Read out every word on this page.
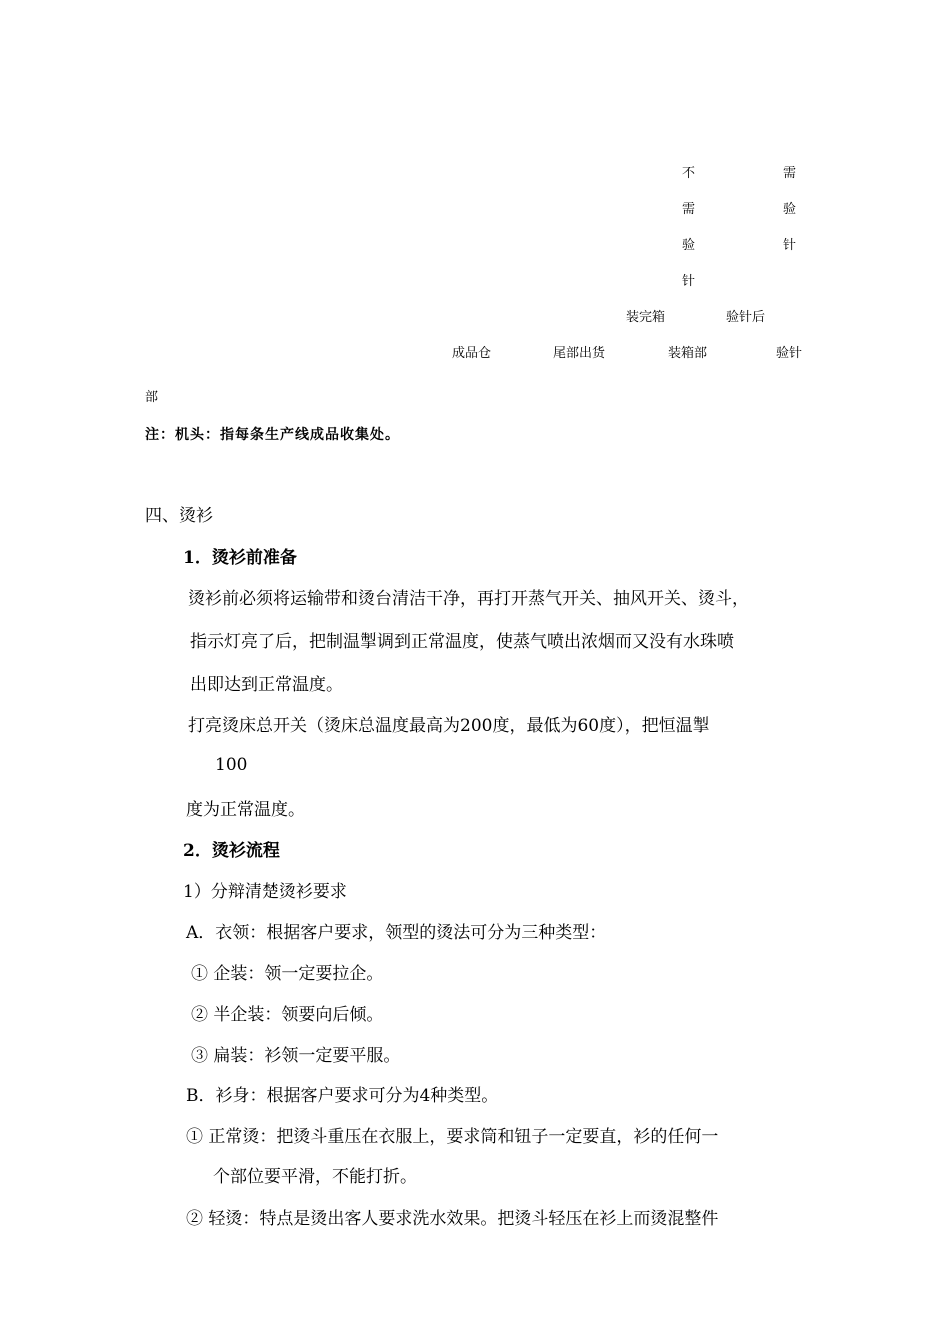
不
需
验
针
需
验
针
装完箱	验针后
成品仓	尾部出货	装箱部	验针
部
注：机头：指每条生产线成品收集处。
四、烫衫
1．烫衫前准备
烫衫前必须将运输带和烫台清洁干净，再打开蒸气开关、抽风开关、烫斗，
指示灯亮了后，把制温掣调到正常温度，使蒸气喷出浓烟而又没有水珠喷
出即达到正常温度。
打亮烫床总开关（烫床总温度最高为200度，最低为60度），把恒温掣
100
度为正常温度。
2．烫衫流程
1）分辩清楚烫衫要求
A．衣领：根据客户要求，领型的烫法可分为三种类型：
① 企装：领一定要拉企。
② 半企装：领要向后倾。
③ 扁装：衫领一定要平服。
B．衫身：根据客户要求可分为4种类型。
① 正常烫：把烫斗重压在衣服上，要求筒和钮子一定要直，衫的任何一
个部位要平滑，不能打折。
② 轻烫：特点是烫出客人要求洗水效果。把烫斗轻压在衫上而烫混整件
